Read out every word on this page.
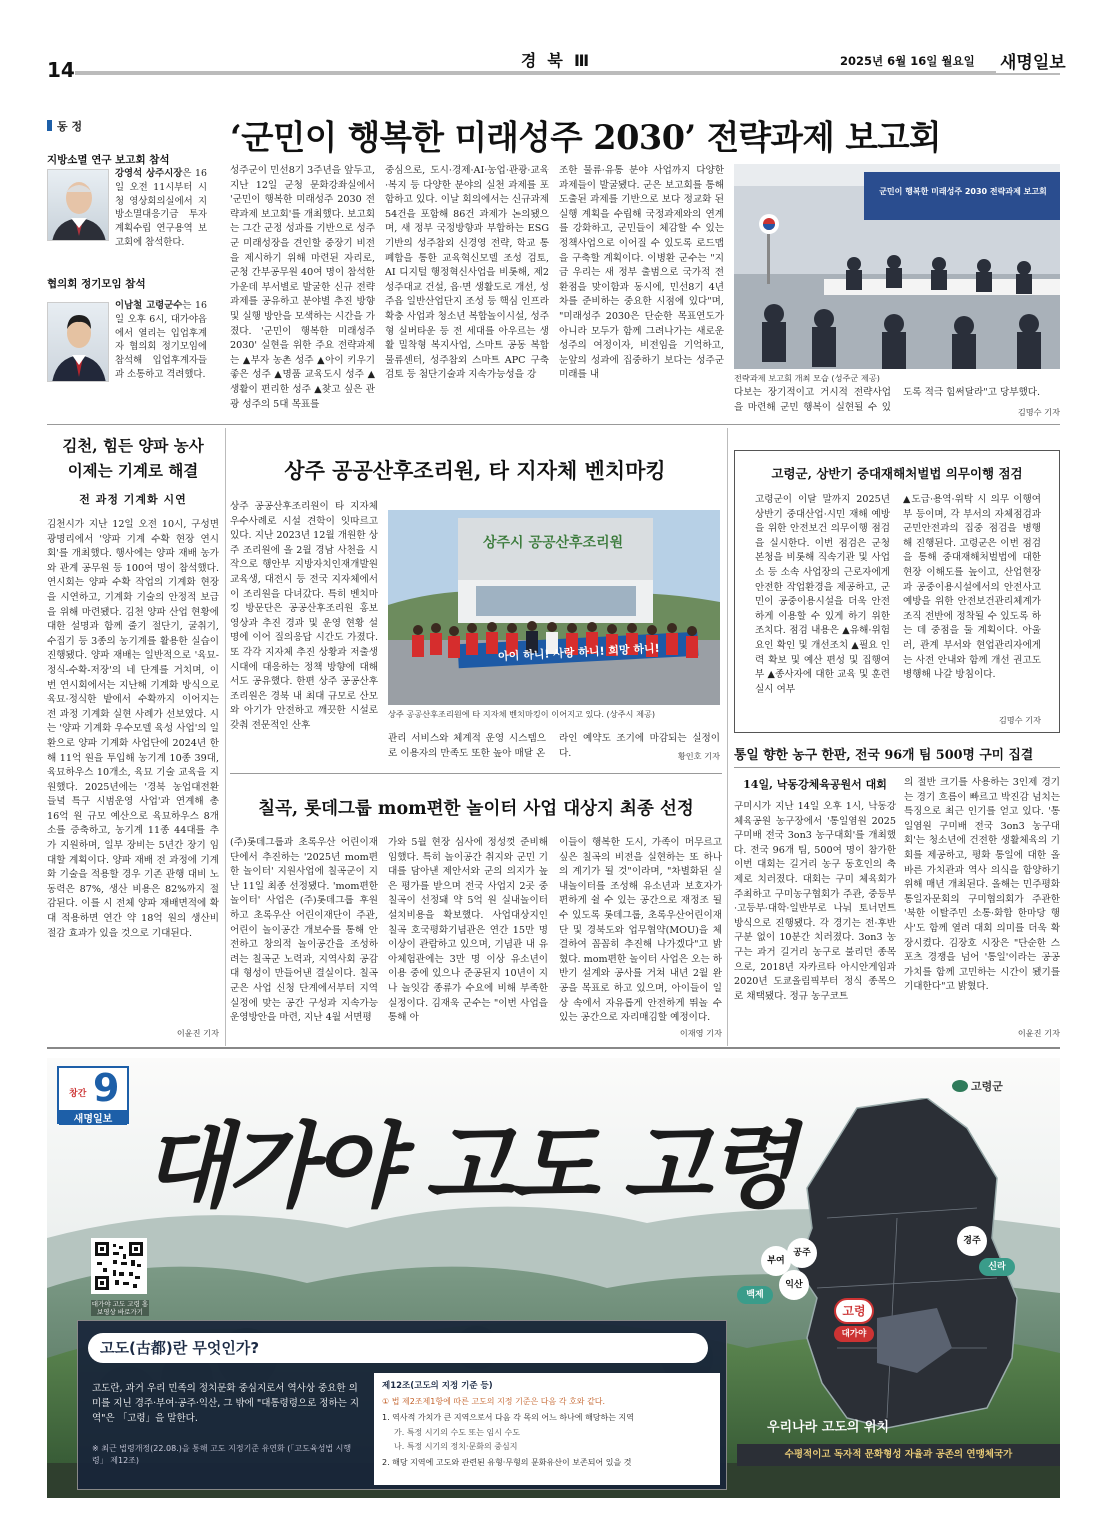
14	경  북  Ⅲ	2025년 6월 16일 월요일	새명일보
동 정
지방소멸 연구 보고회 참석
강영석 상주시장은 16일 오전 11시부터 시청 영상회의실에서 지방소멸대응기금 투자계획수립 연구용역 보고회에 참석한다.
협의회 정기모임 참석
이남철 고령군수는 16일 오후 6시, 대가야읍에서 열리는 입업후계자 협의회 정기모임에 참석해 입업후계자들과 소통하고 격려했다.
‘군민이 행복한 미래성주 2030’ 전략과제 보고회
성주군이 민선8기 3주년을 앞두고, 지난 12일 군청 문화강좌실에서 '군민이 행복한 미래성주 2030 전략과제 보고회'를 개최했다. 보고회는 그간 군정 성과를 기반으로 성주군 미래성장을 견인할 중장기 비전을 제시하기 위해 마련된 자리로, 군청 간부공무원 40여 명이 참석한 가운데 부서별로 발굴한 신규 전략과제를 공유하고 분야별 추진 방향 및 실행 방안을 모색하는 시간을 가졌다. '군민이 행복한 미래성주 2030' 실현을 위한 주요 전략과제는 ▲부자 농촌 성주 ▲아이 키우기 좋은 성주 ▲명품 교육도시 성주 ▲생활이 편리한 성주 ▲찾고 싶은 관광 성주의 5대 목표를
중심으로, 도시·경제·AI·농업·관광·교육·복지 등 다양한 분야의 실천 과제를 포함하고 있다. 이날 회의에서는 신규과제 54건을 포함해 86건 과제가 논의됐으며, 새 정부 국정방향과 부합하는 ESG기반의 성주참외 신경영 전략, 학교 통폐합을 통한 교육혁신모델 조성 검토, AI 디지털 행정혁신사업을 비롯해, 제2성주대교 건설, 읍·면 생활도로 개선, 성주읍 일반산업단지 조성 등 핵심 인프라 확충 사업과 청소년 복합놀이시설, 성주형 실버타운 등 전 세대를 아우르는 생활 밀착형 복지사업, 스마트 공동 복합 물류센터, 성주참외 스마트 APC 구축 검토 등 첨단기술과 지속가능성을 강
조한 물류·유통 분야 사업까지 다양한 과제들이 발굴됐다. 군은 보고회를 통해 도출된 과제를 기반으로 보다 정교화 된 실행 계획을 수립해 국정과제와의 연계를 강화하고, 군민들이 체감할 수 있는 정책사업으로 이어질 수 있도록 로드맵을 구축할 계획이다. 이병환 군수는 "지금 우리는 새 정부 출범으로 국가적 전환점을 맞이함과 동시에, 민선8기 4년 차를 준비하는 중요한 시점에 있다"며, "미래성주 2030은 단순한 목표연도가 아니라 모두가 함께 그려나가는 새로운 성주의 여정이자, 비전임을 기억하고, 눈앞의 성과에 집중하기 보다는 성주군 미래를 내
군민이 행복한 미래성주 2030 전략과제 보고회
전략과제 보고회 개최 모습 (성주군 제공)
다보는 장기적이고 거시적 전략사업을 마련해 군민 행복이 실현될 수 있도록 적극 힘써달라"고 당부했다.
김명수 기자
김천, 힘든 양파 농사
이제는 기계로 해결
전 과정 기계화 시연
김천시가 지난 12일 오전 10시, 구성면 광명리에서 '양파 기계 수확 현장 연시회'를 개최했다. 행사에는 양파 재배 농가와 관계 공무원 등 100여 명이 참석했다. 연시회는 양파 수확 작업의 기계화 현장을 시연하고, 기계화 기술의 안정적 보급을 위해 마련됐다. 김천 양파 산업 현황에 대한 설명과 함께 줄기 절단기, 굴취기, 수집기 등 3종의 농기계를 활용한 실습이 진행됐다. 양파 재배는 일반적으로 '육묘-정식-수확-저장'의 네 단계를 거치며, 이번 연시회에서는 지난해 기계화 방식으로 육묘·정식한 밭에서 수확까지 이어지는 전 과정 기계화 실현 사례가 선보였다. 시는 '양파 기계화 우수모델 육성 사업'의 일환으로 양파 기계화 사업단에 2024년 한 해 11억 원을 투입해 농기계 10종 39대, 육묘하우스 10개소, 육묘 기술 교육을 지원했다. 2025년에는 '경북 농업대전환 들녘 특구 시범운영 사업'과 연계해 총 16억 원 규모 예산으로 육묘하우스 8개소를 증축하고, 농기계 11종 44대를 추가 지원하며, 일부 장비는 5년간 장기 임대할 계획이다. 양파 재배 전 과정에 기계화 기술을 적용할 경우 기존 관행 대비 노동력은 87%, 생산 비용은 82%까지 절감된다. 이를 시 전체 양파 재배면적에 확대 적용하면 연간 약 18억 원의 생산비 절감 효과가 있을 것으로 기대된다.
이윤진 기자
상주 공공산후조리원, 타 지자체 벤치마킹
상주 공공산후조리원이 타 지자체 우수사례로 시설 견학이 잇따르고 있다. 지난 2023년 12월 개원한 상주 조리원에 올 2월 경남 사천을 시작으로 행안부 지방자치인재개발원 교육생, 대전시 등 전국 지자체에서 이 조리원을 다녀갔다. 특히 벤치마킹 방문단은 공공산후조리원 홍보영상과 추진 경과 및 운영 현황 설명에 이어 질의응답 시간도 가졌다. 또 각각 지자체 추진 상황과 저출생 시대에 대응하는 정책 방향에 대해서도 공유했다. 한편 상주 공공산후조리원은 경북 내 최대 규모로 산모와 아기가 안전하고 깨끗한 시설로 갖춰 전문적인 산후
상주시 공공산후조리원
아이 하니! 사랑 하니! 희망 하니!
상주 공공산후조리원에 타 지자체 벤치마킹이 이어지고 있다. (상주시 제공)
관리 서비스와 체계적 운영 시스템으로 이용자의 만족도 또한 높아 매달 온
라인 예약도 조기에 마감되는 실정이다.	황인호 기자
고령군, 상반기 중대재해처벌법 의무이행 점검
고령군이 이달 말까지 2025년 상반기 중대산업·시민 재해 예방을 위한 안전보건 의무이행 점검을 실시한다. 이번 점검은 군청 본청을 비롯해 직속기관 및 사업소 등 소속 사업장의 근로자에게 안전한 작업환경을 제공하고, 군민이 공중이용시설을 더욱 안전하게 이용할 수 있게 하기 위한 조치다. 점검 내용은 ▲유해·위험요인 확인 및 개선조치 ▲필요 인력 확보 및 예산 편성 및 집행여부 ▲종사자에 대한 교육 및 훈련 실시 여부
▲도급·용역·위탁 시 의무 이행여부 등이며, 각 부서의 자체점검과 군민안전과의 집중 점검을 병행해 진행된다. 고령군은 이번 점검을 통해 중대재해처벌법에 대한 현장 이해도를 높이고, 산업현장과 공중이용시설에서의 안전사고 예방을 위한 안전보건관리체계가 조직 전반에 정착될 수 있도록 하는 데 중점을 둘 계획이다. 아울러, 관계 부서와 현업관리자에게는 사전 안내와 함께 개선 권고도 병행해 나갈 방침이다.
김명수 기자
통일 향한 농구 한판, 전국 96개 팀 500명 구미 집결
14일, 낙동강체육공원서 대회
구미시가 지난 14일 오후 1시, 낙동강체육공원 농구장에서 '통일염원 2025 구미배 전국 3on3 농구대회'를 개최했다. 전국 96개 팀, 500여 명이 참가한 이번 대회는 길거리 농구 동호인의 축제로 치러졌다. 대회는 구미 체육회가 주최하고 구미농구협회가 주관, 중등부·고등부·대학·일반부로 나눠 토너먼트 방식으로 진행됐다. 각 경기는 전·후반 구분 없이 10분간 치러졌다. 3on3 농구는 과거 길거리 농구로 불리던 종목으로, 2018년 자카르타 아시안게임과 2020년 도쿄올림픽부터 정식 종목으로 채택됐다. 정규 농구코트
의 절반 크기를 사용하는 3인제 경기는 경기 흐름이 빠르고 박진감 넘치는 특징으로 최근 인기를 얻고 있다. '통일염원 구미배 전국 3on3 농구대회'는 청소년에 건전한 생활체육의 기회를 제공하고, 평화 통일에 대한 올바른 가치관과 역사 의식을 함양하기 위해 매년 개최된다. 올해는 민주평화통일자문회의 구미협의회가 주관한 '북한 이탈주민 소통·화합 한마당 행사'도 함께 열려 대회 의미를 더욱 확장시켰다. 김장호 시장은 "단순한 스포츠 경쟁을 넘어 '통일'이라는 공공 가치를 함께 고민하는 시간이 됐기를 기대한다"고 밝혔다.
이윤진 기자
칠곡, 롯데그룹 mom편한 놀이터 사업 대상지 최종 선정
(주)롯데그룹과 초록우산 어린이재단에서 추진하는 '2025년 mom편한 놀이터' 지원사업에 칠곡군이 지난 11일 최종 선정됐다. 'mom편한 놀이터' 사업은 (주)롯데그룹 후원하고 초록우산 어린이재단이 주관, 어린이 놀이공간 개보수를 통해 안전하고 창의적 놀이공간을 조성하려는 칠곡군 노력과, 지역사회 공감대 형성이 만들어낸 결실이다. 칠곡군은 사업 신청 단계에서부터 지역 실정에 맞는 공간 구성과 지속가능 운영방안을 마련, 지난 4월 서면평
가와 5월 현장 심사에 정성껏 준비해 임했다. 특히 놀이공간 취지와 군민 기대를 담아낸 제안서와 군의 의지가 높은 평가를 받으며 전국 사업지 2곳 중 칠곡이 선정돼 약 5억 원 실내놀이터 설치비용을 확보했다. 사업대상지인 칠곡 호국평화기념관은 연간 15만 명 이상이 관람하고 있으며, 기념관 내 유아체험관에는 3만 명 이상 유소년이 이용 중에 있으나 준공된지 10년이 지나 놀잇감 종류가 수요에 비해 부족한 실정이다. 김재욱 군수는 "이번 사업을 통해 아
이들이 행복한 도시, 가족이 머무르고 싶은 칠곡의 비전을 실현하는 또 하나의 계기가 될 것"이라며, "차별화된 실내놀이터를 조성해 유소년과 보호자가 편하게 쉴 수 있는 공간으로 재정조 될 수 있도록 롯데그룹, 초록우산어린이재단 및 경북도와 업무협약(MOU)을 체결하여 꼼꼼히 추진해 나가겠다"고 밝혔다. mom편한 놀이터 사업은 오는 하반기 설계와 공사를 거쳐 내년 2월 완공을 목표로 하고 있으며, 아이들이 일상 속에서 자유롭게 안전하게 뛰놀 수 있는 공간으로 자리매김할 예정이다.
이재영 기자
창간 9
새명일보 대가야 고도 고령
고령군
대가야 고도 고령 홍보영상 바로가기
고도(古都)란 무엇인가?
고도란, 과거 우리 민족의 정치문화 중심지로서 역사상 중요한 의미를 지닌 경주·부여·공주·익산, 그 밖에 "대통령령으로 정하는 지역"은 「고령」을 말한다.
※ 최근 법령개정(22.08.)을 통해 고도 지정기준 유연화 (「고도육성법 시행령」 제12조)
제12조(고도의 지정 기준 등)
① 법 제2조제1항에 따른 고도의 지정 기준은 다음 각 호와 같다.
1. 역사적 가치가 큰 지역으로서 다음 각 목의 어느 하나에 해당하는 지역
가. 특정 시기의 수도 또는 임시 수도
나. 특정 시기의 정치·문화의 중심지
2. 해당 지역에 고도와 관련된 유형·무형의 문화유산이 보존되어 있을 것
부여
공주
익산
백제
고령
대가야
경주
신라
우리나라 고도의 위치
수평적이고 독자적 문화형성 자율과 공존의 연맹체국가
